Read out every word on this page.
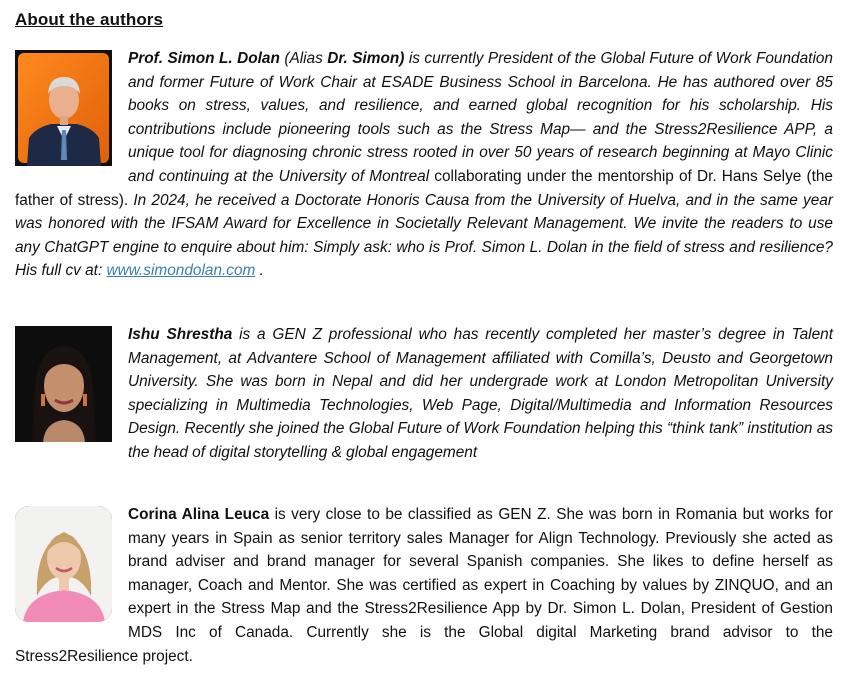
About the authors
Prof. Simon L. Dolan (Alias Dr. Simon) is currently President of the Global Future of Work Foundation and former Future of Work Chair at ESADE Business School in Barcelona. He has authored over 85 books on stress, values, and resilience, and earned global recognition for his scholarship. His contributions include pioneering tools such as the Stress Map— and the Stress2Resilience APP, a unique tool for diagnosing chronic stress rooted in over 50 years of research beginning at Mayo Clinic and continuing at the University of Montreal collaborating under the mentorship of Dr. Hans Selye (the father of stress). In 2024, he received a Doctorate Honoris Causa from the University of Huelva, and in the same year was honored with the IFSAM Award for Excellence in Societally Relevant Management. We invite the readers to use any ChatGPT engine to enquire about him: Simply ask: who is Prof. Simon L. Dolan in the field of stress and resilience? His full cv at: www.simondolan.com .
Ishu Shrestha is a GEN Z professional who has recently completed her master’s degree in Talent Management, at Advantere School of Management affiliated with Comilla’s, Deusto and Georgetown University. She was born in Nepal and did her undergrade work at London Metropolitan University specializing in Multimedia Technologies, Web Page, Digital/Multimedia and Information Resources Design. Recently she joined the Global Future of Work Foundation helping this “think tank” institution as the head of digital storytelling & global engagement
Corina Alina Leuca is very close to be classified as GEN Z. She was born in Romania but works for many years in Spain as senior territory sales Manager for Align Technology. Previously she acted as brand adviser and brand manager for several Spanish companies. She likes to define herself as manager, Coach and Mentor. She was certified as expert in Coaching by values by ZINQUO, and an expert in the Stress Map and the Stress2Resilience App by Dr. Simon L. Dolan, President of Gestion MDS Inc of Canada. Currently she is the Global digital Marketing brand advisor to the Stress2Resilience project.
